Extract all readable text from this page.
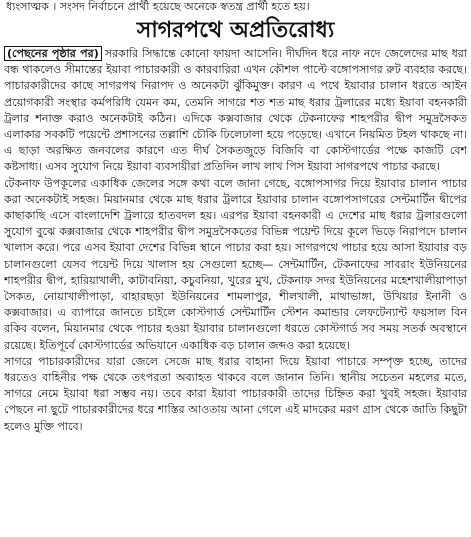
ধ্যংসাত্মক । সংসদ নির্বাচনে প্রার্থী হয়েছে অনেকে স্বতন্ত্র প্রার্থী হতে হয়।
সাগরপথে অপ্রতিরোধ্য

(পেছনের পৃষ্ঠার পর) সরকারি সিদ্ধান্তে কোনো ফায়দা আসেনি। দীর্ঘদিন ধরে নাফ নদে জেলেদের মাছ ধরা বন্ধ থাকলেও সীমান্তের ইয়াবা পাচারকারী ও কারবারিরা এখন কৌশল পাল্টে বঙ্গোপসাগর রুট ব্যবহার করছে। পাচারকারীদের কাছে সাগরপথ নিরাপদ ও অনেকটা ঝুঁকিমুক্ত। কারণ এ পথে ইয়াবার চালান ধরতে আইন প্রয়োগকারী সংস্থার কর্মপরিধি যেমন কম, তেমনি সাগরে শত শত মাছ ধরার ট্রলারের মধ্যে ইয়াবা বহনকারী ট্রলার শনাক্ত করাও অনেকটাই কঠিন। এদিকে কক্সবাজার থেকে টেকনাফের শাহপরীর দ্বীপ সমুদ্রসৈকত এলাকার সবকটি পয়েন্টে প্রশাসনের তল্লাশি চৌকি ঢিলেঢালা হয়ে পড়েছে। এখানে নিয়মিত টহল থাকছে না। এ ছাড়া অরক্ষিত জনবলের কারণে এত দীর্ঘ সৈকতজুড়ে বিজিবি বা কোস্টগার্ডের পক্ষে কাজটি বেশ কষ্টসাধ্য। এসব সুযোগ নিয়ে ইয়াবা ব্যবসায়ীরা প্রতিদিন লাখ লাখ পিস ইয়াবা সাগরপথে পাচার করছে।

টেকনাফ উপকূলের একাধিক জেলের সঙ্গে কথা বলে জানা গেছে, বঙ্গোপসাগর দিয়ে ইয়াবার চালান পাচার করা অনেকটাই সহজ। মিয়ানমার থেকে মাছ ধরার ট্রলারে ইয়াবার চালান বঙ্গোপসাগরের সেন্টমার্টিন দ্বীপের কাছাকাছি এসে বাংলাদেশি ট্রলারে হাতবদল হয়। এরপর ইয়াবা বহনকারী এ দেশের মাছ ধরার ট্রলারগুলো সুযোগ বুঝে কক্সবাজার থেকে শাহপরীর দ্বীপ সমুদ্রসৈকতের বিভিন্ন পয়েন্ট দিয়ে কূলে ভিড়ে নিরাপদে চালান খালাস করে। পরে এসব ইয়াবা দেশের বিভিন্ন স্থানে পাচার করা হয়। সাগরপথে পাচার হয়ে আসা ইয়াবার বড় চালানগুলো যেসব পয়েন্ট দিয়ে খালাস হয় সেগুলো হচ্ছে— সেন্টমার্টিন, টেকনাফের সাবরাং ইউনিয়নের শাহপরীর দ্বীপ, হারিয়াখালী, কাটাবনিয়া, কচুবনিয়া, খুরের মুখ, টেকনাফ সদর ইউনিয়নের মহেশখালীয়াপাড়া সৈকত, নোয়াখালীপাড়া, বাহারছড়া ইউনিয়নের শামলাপুর, শীলখালী, মাথাভাঙ্গা, উখিয়ার ইনানী ও কক্সবাজার। এ ব্যাপারে জানতে চাইলে কোস্টগার্ড সেন্টমার্টিন স্টেশন কমান্ডার লেফটেন্যান্ট ফয়সাল বিন রকিব বলেন, মিয়ানমার থেকে পাচার হওয়া ইয়াবার চালানগুলো ধরতে কোস্টগার্ড সব সময় সতর্ক অবস্থানে রয়েছে। ইতিপূর্বে কোস্টগার্ডের অভিযানে একাধিক বড় চালান জব্দও করা হয়েছে।

সাগরে পাচারকারীদের যারা জেলে সেজে মাছ ধরার বাহানা দিয়ে ইয়াবা পাচারে সম্পৃক্ত হচ্ছে, তাদের ধরতেও বাহিনীর পক্ষ থেকে তৎপরতা অব্যাহত থাকবে বলে জানান তিনি। স্থানীয় সচেতন মহলের মতে, সাগরে নেমে ইয়াবা ধরা সম্ভব নয়। তবে কারা ইয়াবা পাচারকারী তাদের চিহ্নিত করা খুবই সহজ। ইয়াবার পেছনে না ছুটে পাচারকারীদের ধরে শাস্তির আওতায় আনা গেলে এই মাদকের মরণ গ্রাস থেকে জাতি কিছুটা হলেও মুক্তি পাবে।
